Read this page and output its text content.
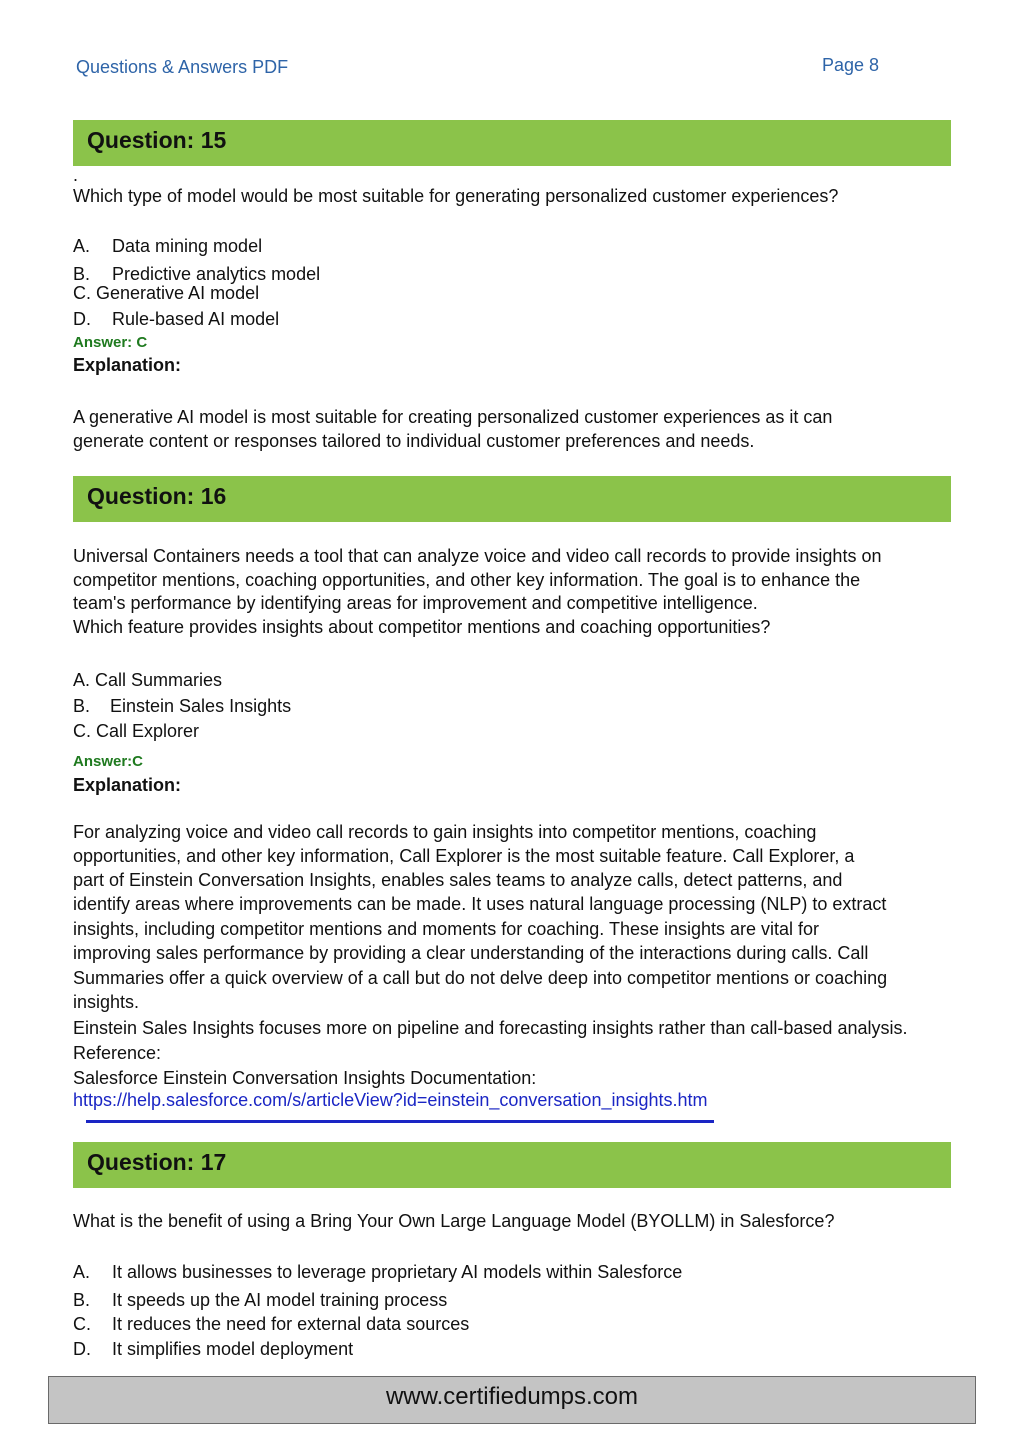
Questions & Answers PDF	Page 8
Question: 15
.
Which type of model would be most suitable for generating personalized customer experiences?
A. Data mining model
B. Predictive analytics model
C. Generative AI model
D. Rule-based AI model
Answer: C
Explanation:
A generative AI model is most suitable for creating personalized customer experiences as it can
generate content or responses tailored to individual customer preferences and needs.
Question: 16
Universal Containers needs a tool that can analyze voice and video call records to provide insights on
competitor mentions, coaching opportunities, and other key information. The goal is to enhance the
team's performance by identifying areas for improvement and competitive intelligence.
Which feature provides insights about competitor mentions and coaching opportunities?
A. Call Summaries
B. Einstein Sales Insights
C. Call Explorer
Answer:C
Explanation:
For analyzing voice and video call records to gain insights into competitor mentions, coaching
opportunities, and other key information, Call Explorer is the most suitable feature. Call Explorer, a
part of Einstein Conversation Insights, enables sales teams to analyze calls, detect patterns, and
identify areas where improvements can be made. It uses natural language processing (NLP) to extract
insights, including competitor mentions and moments for coaching. These insights are vital for
improving sales performance by providing a clear understanding of the interactions during calls. Call
Summaries offer a quick overview of a call but do not delve deep into competitor mentions or coaching
insights.
Einstein Sales Insights focuses more on pipeline and forecasting insights rather than call-based analysis.
Reference:
Salesforce Einstein Conversation Insights Documentation:
https://help.salesforce.com/s/articleView?id=einstein_conversation_insights.htm
Question: 17
What is the benefit of using a Bring Your Own Large Language Model (BYOLLM) in Salesforce?
A. It allows businesses to leverage proprietary AI models within Salesforce
B. It speeds up the AI model training process
C. It reduces the need for external data sources
D. It simplifies model deployment
www.certifiedumps.com
